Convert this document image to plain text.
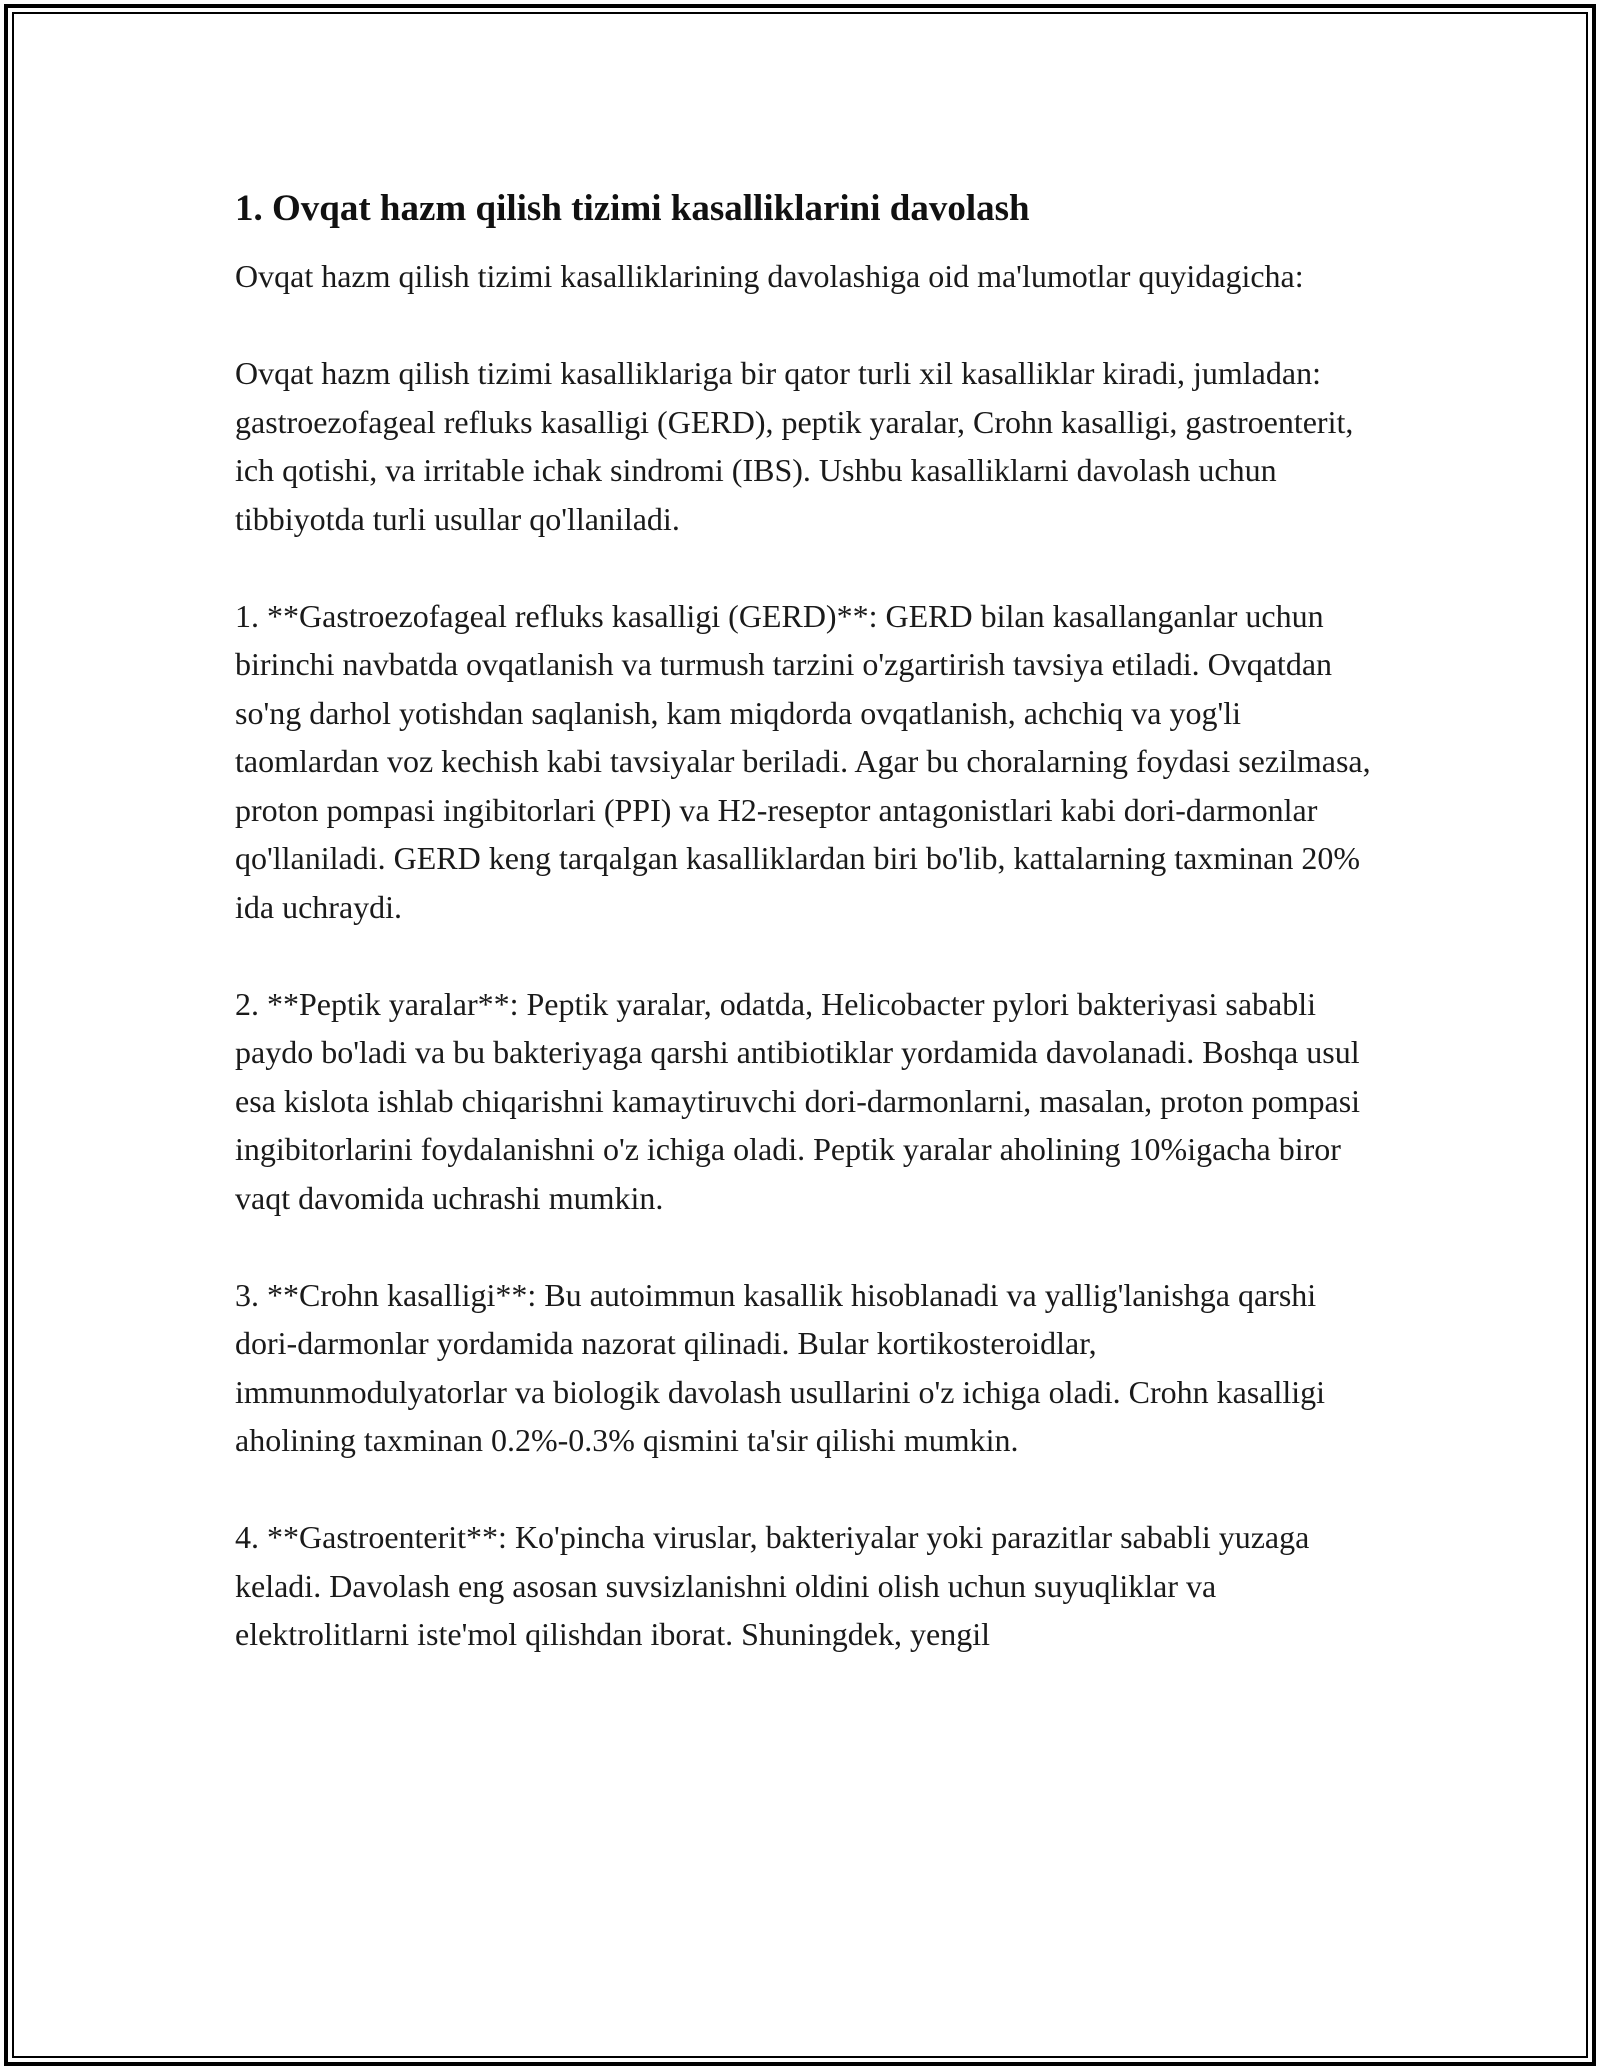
1. Ovqat hazm qilish tizimi kasalliklarini davolash

Ovqat hazm qilish tizimi kasalliklarining davolashiga oid ma'lumotlar quyidagicha:

Ovqat hazm qilish tizimi kasalliklariga bir qator turli xil kasalliklar kiradi, jumladan: gastroezofageal refluks kasalligi (GERD), peptik yaralar, Crohn kasalligi, gastroenterit, ich qotishi, va irritable ichak sindromi (IBS). Ushbu kasalliklarni davolash uchun tibbiyotda turli usullar qo'llaniladi.

1. **Gastroezofageal refluks kasalligi (GERD)**: GERD bilan kasallanganlar uchun birinchi navbatda ovqatlanish va turmush tarzini o'zgartirish tavsiya etiladi. Ovqatdan so'ng darhol yotishdan saqlanish, kam miqdorda ovqatlanish, achchiq va yog'li taomlardan voz kechish kabi tavsiyalar beriladi. Agar bu choralarning foydasi sezilmasa, proton pompasi ingibitorlari (PPI) va H2-reseptor antagonistlari kabi dori-darmonlar qo'llaniladi. GERD keng tarqalgan kasalliklardan biri bo'lib, kattalarning taxminan 20% ida uchraydi.

2. **Peptik yaralar**: Peptik yaralar, odatda, Helicobacter pylori bakteriyasi sababli paydo bo'ladi va bu bakteriyaga qarshi antibiotiklar yordamida davolanadi. Boshqa usul esa kislota ishlab chiqarishni kamaytiruvchi dori-darmonlarni, masalan, proton pompasi ingibitorlarini foydalanishni o'z ichiga oladi. Peptik yaralar aholining 10%igacha biror vaqt davomida uchrashi mumkin.

3. **Crohn kasalligi**: Bu autoimmun kasallik hisoblanadi va yallig'lanishga qarshi dori-darmonlar yordamida nazorat qilinadi. Bular kortikosteroidlar, immunmodulyatorlar va biologik davolash usullarini o'z ichiga oladi. Crohn kasalligi aholining taxminan 0.2%-0.3% qismini ta'sir qilishi mumkin.

4. **Gastroenterit**: Ko'pincha viruslar, bakteriyalar yoki parazitlar sababli yuzaga keladi. Davolash eng asosan suvsizlanishni oldini olish uchun suyuqliklar va elektrolitlarni iste'mol qilishdan iborat. Shuningdek, yengil
